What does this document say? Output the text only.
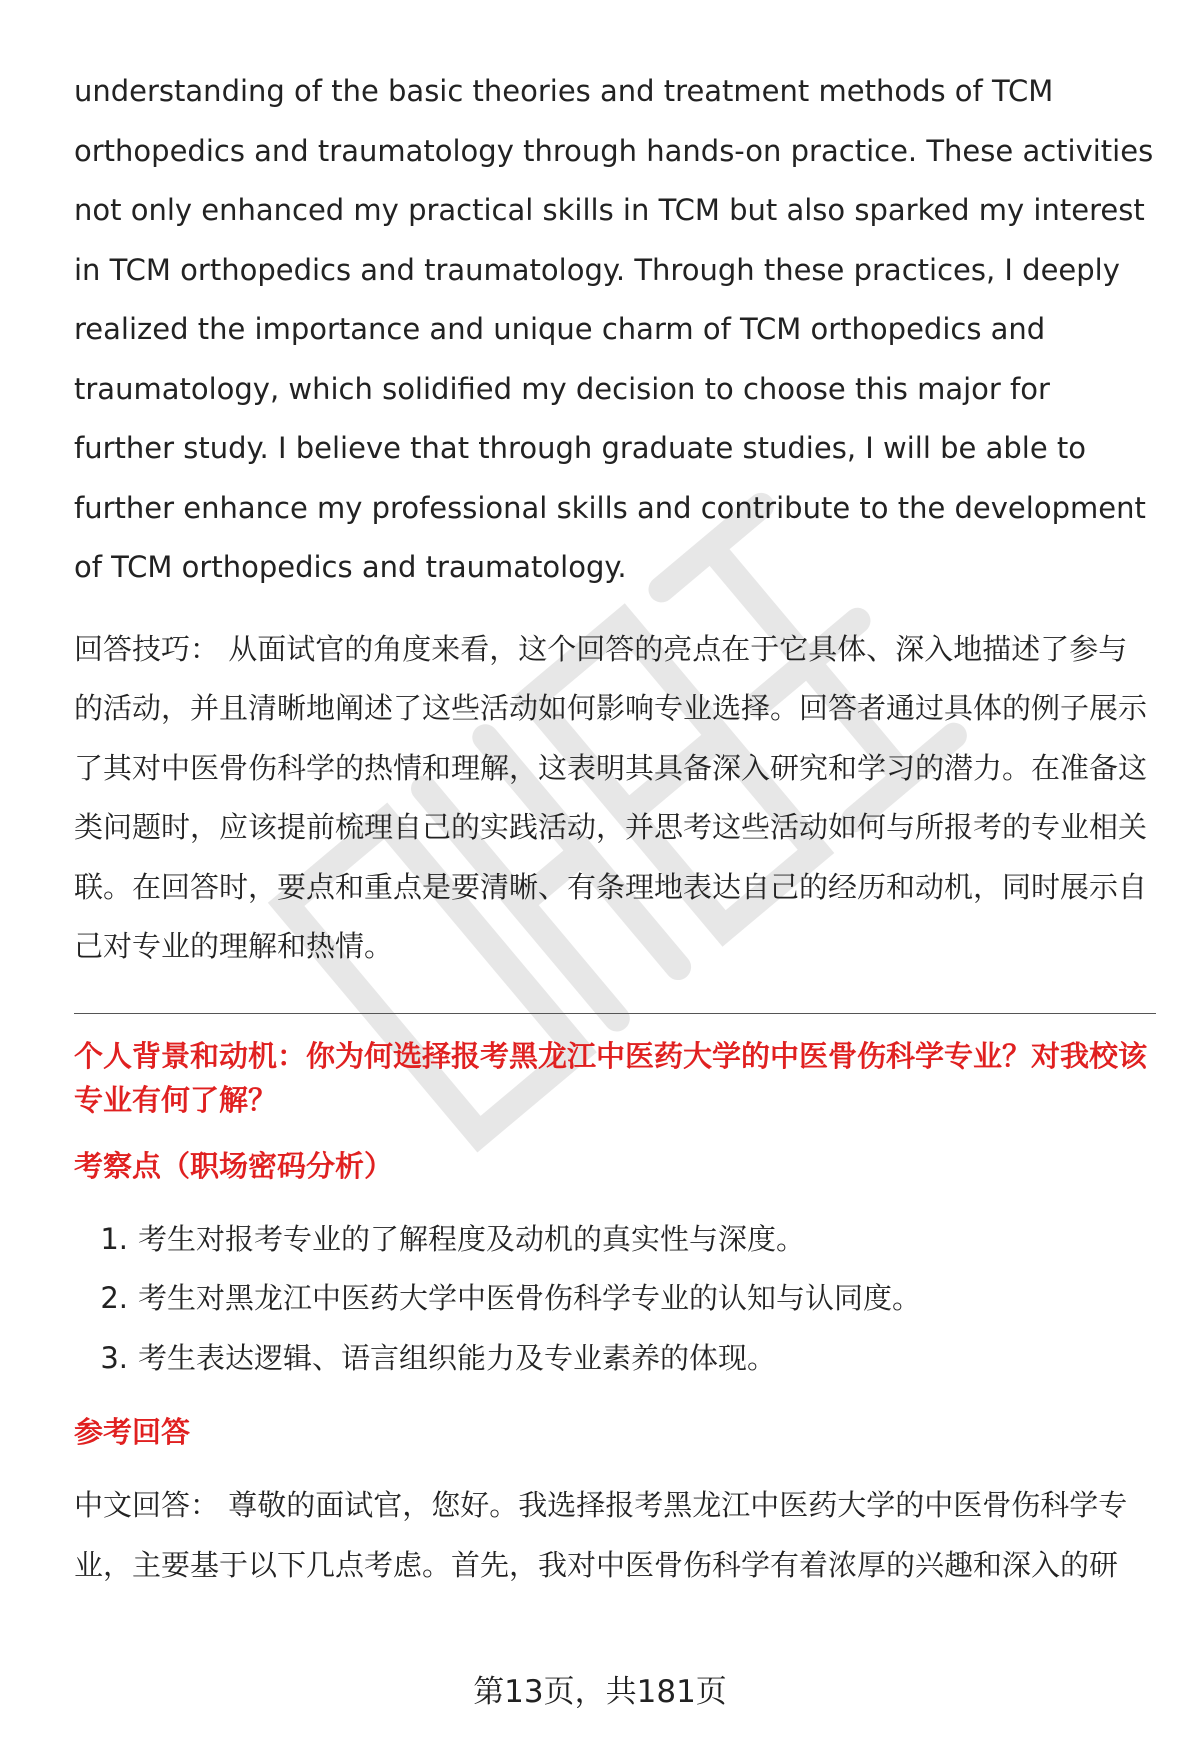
understanding of the basic theories and treatment methods of TCM orthopedics and traumatology through hands-on practice. These activities not only enhanced my practical skills in TCM but also sparked my interest in TCM orthopedics and traumatology. Through these practices, I deeply realized the importance and unique charm of TCM orthopedics and traumatology, which solidified my decision to choose this major for further study. I believe that through graduate studies, I will be able to further enhance my professional skills and contribute to the development of TCM orthopedics and traumatology.

回答技巧： 从面试官的角度来看，这个回答的亮点在于它具体、深入地描述了参与的活动，并且清晰地阐述了这些活动如何影响专业选择。回答者通过具体的例子展示了其对中医骨伤科学的热情和理解，这表明其具备深入研究和学习的潜力。在准备这类问题时，应该提前梳理自己的实践活动，并思考这些活动如何与所报考的专业相关联。在回答时，要点和重点是要清晰、有条理地表达自己的经历和动机，同时展示自己对专业的理解和热情。

个人背景和动机：你为何选择报考黑龙江中医药大学的中医骨伤科学专业？对我校该专业有何了解？
考察点（职场密码分析）
1. 考生对报考专业的了解程度及动机的真实性与深度。
2. 考生对黑龙江中医药大学中医骨伤科学专业的认知与认同度。
3. 考生表达逻辑、语言组织能力及专业素养的体现。
参考回答

中文回答： 尊敬的面试官，您好。我选择报考黑龙江中医药大学的中医骨伤科学专业，主要基于以下几点考虑。首先，我对中医骨伤科学有着浓厚的兴趣和深入的研

第13页，共181页
